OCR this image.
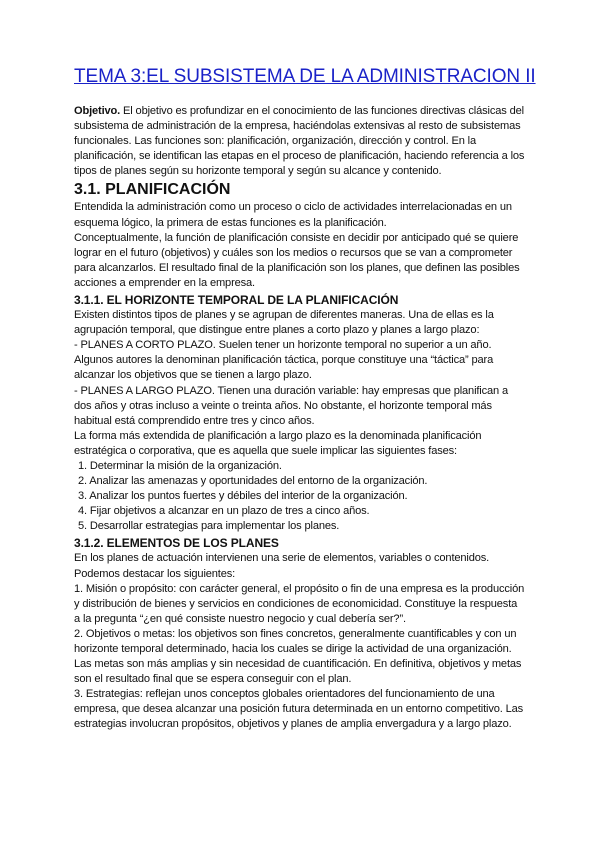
TEMA 3:EL SUBSISTEMA DE LA ADMINISTRACION II

Objetivo. El objetivo es profundizar en el conocimiento de las funciones directivas clásicas del subsistema de administración de la empresa, haciéndolas extensivas al resto de subsistemas funcionales. Las funciones son: planificación, organización, dirección y control. En la planificación, se identifican las etapas en el proceso de planificación, haciendo referencia a los tipos de planes según su horizonte temporal y según su alcance y contenido.

3.1. PLANIFICACIÓN

Entendida la administración como un proceso o ciclo de actividades interrelacionadas en un esquema lógico, la primera de estas funciones es la planificación.

Conceptualmente, la función de planificación consiste en decidir por anticipado qué se quiere lograr en el futuro (objetivos) y cuáles son los medios o recursos que se van a comprometer para alcanzarlos. El resultado final de la planificación son los planes, que definen las posibles acciones a emprender en la empresa.

3.1.1. EL HORIZONTE TEMPORAL DE LA PLANIFICACIÓN

Existen distintos tipos de planes y se agrupan de diferentes maneras. Una de ellas es la agrupación temporal, que distingue entre planes a corto plazo y planes a largo plazo:

- PLANES A CORTO PLAZO. Suelen tener un horizonte temporal no superior a un año. Algunos autores la denominan planificación táctica, porque constituye una “táctica” para alcanzar los objetivos que se tienen a largo plazo.

- PLANES A LARGO PLAZO. Tienen una duración variable: hay empresas que planifican a dos años y otras incluso a veinte o treinta años. No obstante, el horizonte temporal más habitual está comprendido entre tres y cinco años.

La forma más extendida de planificación a largo plazo es la denominada planificación estratégica o corporativa, que es aquella que suele implicar las siguientes fases:

1. Determinar la misión de la organización.

2. Analizar las amenazas y oportunidades del entorno de la organización.

3. Analizar los puntos fuertes y débiles del interior de la organización.

4. Fijar objetivos a alcanzar en un plazo de tres a cinco años.

5. Desarrollar estrategias para implementar los planes.

3.1.2. ELEMENTOS DE LOS PLANES

En los planes de actuación intervienen una serie de elementos, variables o contenidos. Podemos destacar los siguientes:

1. Misión o propósito: con carácter general, el propósito o fin de una empresa es la producción y distribución de bienes y servicios en condiciones de economicidad. Constituye la respuesta a la pregunta “¿en qué consiste nuestro negocio y cual debería ser?”.

2. Objetivos o metas: los objetivos son fines concretos, generalmente cuantificables y con un horizonte temporal determinado, hacia los cuales se dirige la actividad de una organización. Las metas son más amplias y sin necesidad de cuantificación. En definitiva, objetivos y metas son el resultado final que se espera conseguir con el plan.

3. Estrategias: reflejan unos conceptos globales orientadores del funcionamiento de una empresa, que desea alcanzar una posición futura determinada en un entorno competitivo. Las estrategias involucran propósitos, objetivos y planes de amplia envergadura y a largo plazo.
